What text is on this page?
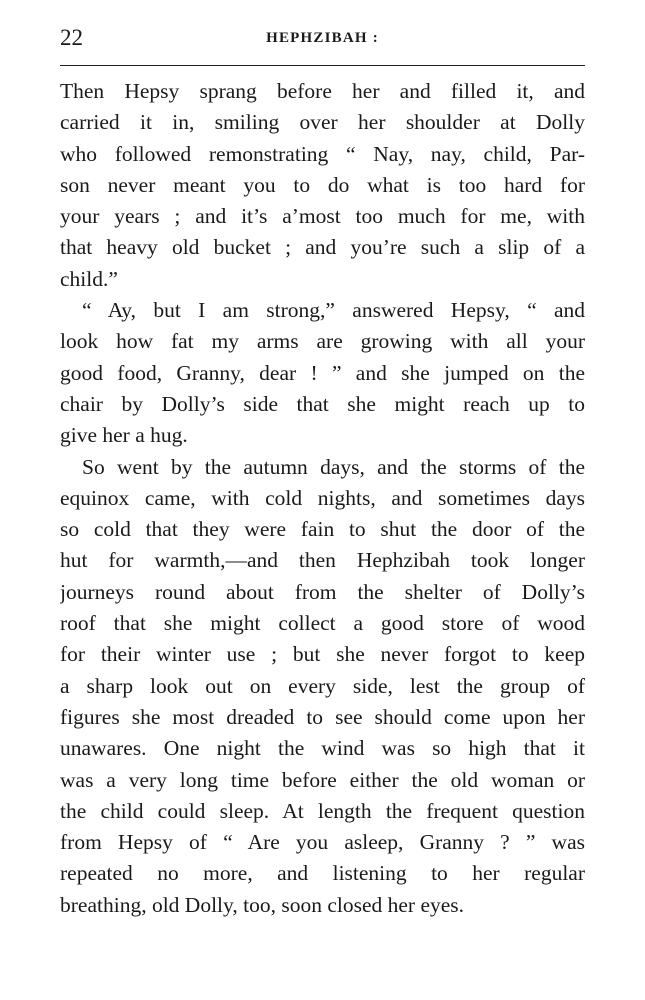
22	HEPHZIBAH :
Then Hepsy sprang before her and filled it, and
carried it in, smiling over her shoulder at Dolly
who followed remonstrating “ Nay, nay, child, Par-
son never meant you to do what is too hard for
your years ; and it’s a’most too much for me, with
that heavy old bucket ; and you’re such a slip of a
child.”
“ Ay, but I am strong,” answered Hepsy, “ and
look how fat my arms are growing with all your
good food, Granny, dear ! ” and she jumped on the
chair by Dolly’s side that she might reach up to
give her a hug.
So went by the autumn days, and the storms of the
equinox came, with cold nights, and sometimes days
so cold that they were fain to shut the door of the
hut for warmth,—and then Hephzibah took longer
journeys round about from the shelter of Dolly’s
roof that she might collect a good store of wood
for their winter use ; but she never forgot to keep
a sharp look out on every side, lest the group of
figures she most dreaded to see should come upon her
unawares. One night the wind was so high that it
was a very long time before either the old woman or
the child could sleep. At length the frequent question
from Hepsy of “ Are you asleep, Granny ? ” was
repeated no more, and listening to her regular
breathing, old Dolly, too, soon closed her eyes.
